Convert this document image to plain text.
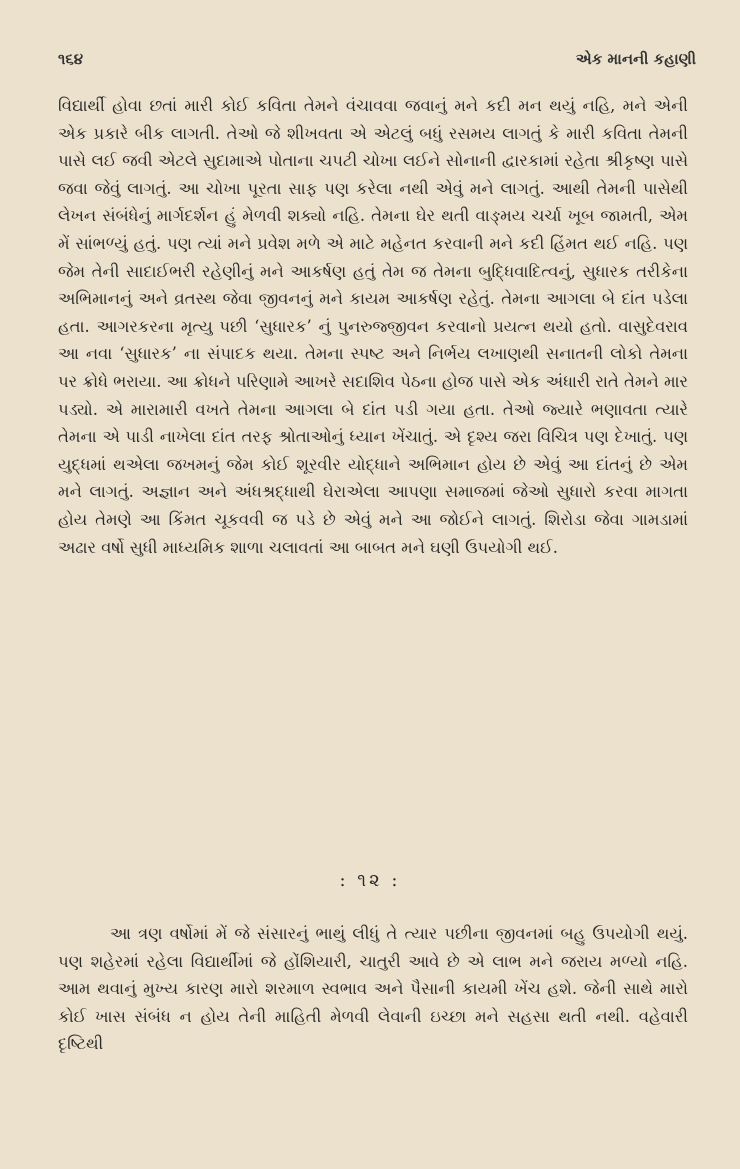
૧૬૪	એક માનની કહાણી

વિદ્યાર્થી હોવા છતાં મારી કોઈ કવિતા તેમને વંચાવવા જવાનું મને કદી મન થયું નહિ, મને એની એક પ્રકારે બીક લાગતી. તેઓ જે શીખવતા એ એટલું બધું રસમય લાગતું કે મારી કવિતા તેમની પાસે લઈ જવી એટલે સુદામાએ પોતાના ચપટી ચોખા લઈને સોનાની દ્વારકામાં રહેતા શ્રીકૃષ્ણ પાસે જવા જેવું લાગતું. આ ચોખા પૂરતા સાફ પણ કરેલા નથી એવું મને લાગતું. આથી તેમની પાસેથી લેખન સંબંધેનું માર્ગદર્શન હું મેળવી શક્યો નહિ. તેમના ઘેર થતી વાઙ્મય ચર્ચા ખૂબ જામતી, એમ મેં સાંભળ્યું હતું. પણ ત્યાં મને પ્રવેશ મળે એ માટે મહેનત કરવાની મને કદી હિંમત થઈ નહિ. પણ જેમ તેની સાદાઈભરી રહેણીનું મને આકર્ષણ હતું તેમ જ તેમના બુદ્ધિવાદિત્વનું, સુધારક તરીકેના અભિમાનનું અને વ્રતસ્થ જેવા જીવનનું મને કાયમ આકર્ષણ રહેતું. તેમના આગલા બે દાંત પડેલા હતા. આગરકરના મૃત્યુ પછી ‘સુધારક’ નું પુનરુજ્જીવન કરવાનો પ્રયત્ન થયો હતો. વાસુદેવરાવ આ નવા ‘સુધારક’ ના સંપાદક થયા. તેમના સ્પષ્ટ અને નિર્ભય લખાણથી સનાતની લોકો તેમના પર ક્રોધે ભરાયા. આ ક્રોધને પરિણામે આખરે સદાશિવ પેઠના હોજ પાસે એક અંધારી રાતે તેમને માર પડ્યો. એ મારામારી વખતે તેમના આગલા બે દાંત પડી ગયા હતા. તેઓ જ્યારે ભણાવતા ત્યારે તેમના એ પાડી નાખેલા દાંત તરફ શ્રોતાઓનું ધ્યાન ખેંચાતું. એ દૃશ્ય જરા વિચિત્ર પણ દેખાતું. પણ યુદ્ધમાં થએલા જખમનું જેમ કોઈ શૂરવીર યોદ્ધાને અભિમાન હોય છે એવું આ દાંતનું છે એમ મને લાગતું. અજ્ઞાન અને અંધશ્રદ્ધાથી ઘેરાએલા આપણા સમાજમાં જેઓ સુધારો કરવા માગતા હોય તેમણે આ કિંમત ચૂકવવી જ પડે છે એવું મને આ જોઈને લાગતું. શિરોડા જેવા ગામડામાં અઢાર વર્ષો સુધી માધ્યમિક શાળા ચલાવતાં આ બાબત મને ઘણી ઉપયોગી થઈ.

: ૧૨ :

આ ત્રણ વર્ષોમાં મેં જે સંસારનું ભાથું લીધું તે ત્યાર પછીના જીવનમાં બહુ ઉપયોગી થયું. પણ શહેરમાં રહેલા વિદ્યાર્થીમાં જે હોંશિયારી, ચાતુરી આવે છે એ લાભ મને જરાય મળ્યો નહિ. આમ થવાનું મુખ્ય કારણ મારો શરમાળ સ્વભાવ અને પૈસાની કાયમી ખેંચ હશે. જેની સાથે મારો કોઈ ખાસ સંબંધ ન હોય તેની માહિતી મેળવી લેવાની ઇચ્છા મને સહસા થતી નથી. વહેવારી દૃષ્ટિથી
